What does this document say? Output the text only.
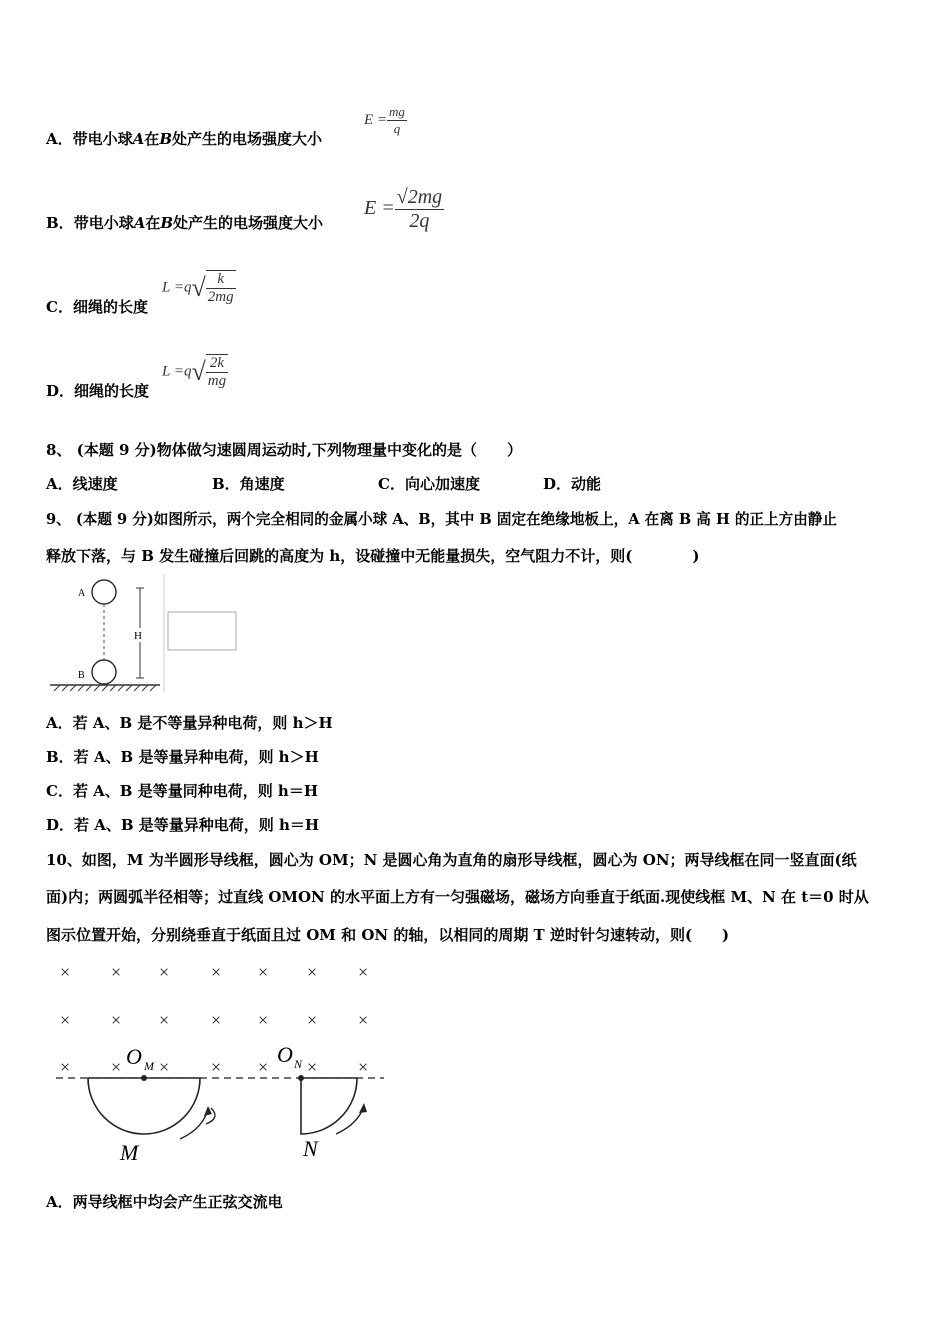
A．带电小球A在B处产生的电场强度大小
$E = \frac{mg}{q}$
B．带电小球A在B处产生的电场强度大小
$E = \frac{√2mg}{2q}$
C．细绳的长度
$L =q√ \frac{k}{2mg}$
D．细绳的长度
$L =q√ \frac{2k}{mg}$
8、 (本题 9 分)物体做匀速圆周运动时,下列物理量中变化的是（　　）
A．线速度	B．角速度	C．向心加速度	D．动能
9、 (本题 9 分)如图所示，两个完全相同的金属小球 A、B，其中 B 固定在绝缘地板上，A 在离 B 高 H 的正上方由静止
释放下落，与 B 发生碰撞后回跳的高度为 h，设碰撞中无能量损失，空气阻力不计，则(　　　　)
A
B
H
A．若 A、B 是不等量异种电荷，则 h＞H
B．若 A、B 是等量异种电荷，则 h＞H
C．若 A、B 是等量同种电荷，则 h＝H
D．若 A、B 是等量异种电荷，则 h＝H
10、如图，M 为半圆形导线框，圆心为 OM；N 是圆心角为直角的扇形导线框，圆心为 ON；两导线框在同一竖直面(纸
面)内；两圆弧半径相等；过直线 OMON 的水平面上方有一匀强磁场，磁场方向垂直于纸面.现使线框 M、N 在 t＝0 时从
图示位置开始，分别绕垂直于纸面且过 OM 和 ON 的轴，以相同的周期 T 逆时针匀速转动，则(　　)
× × × × × × ×
× × × × × × ×
× × × × × × ×
O M
M
O N
N
A．两导线框中均会产生正弦交流电
